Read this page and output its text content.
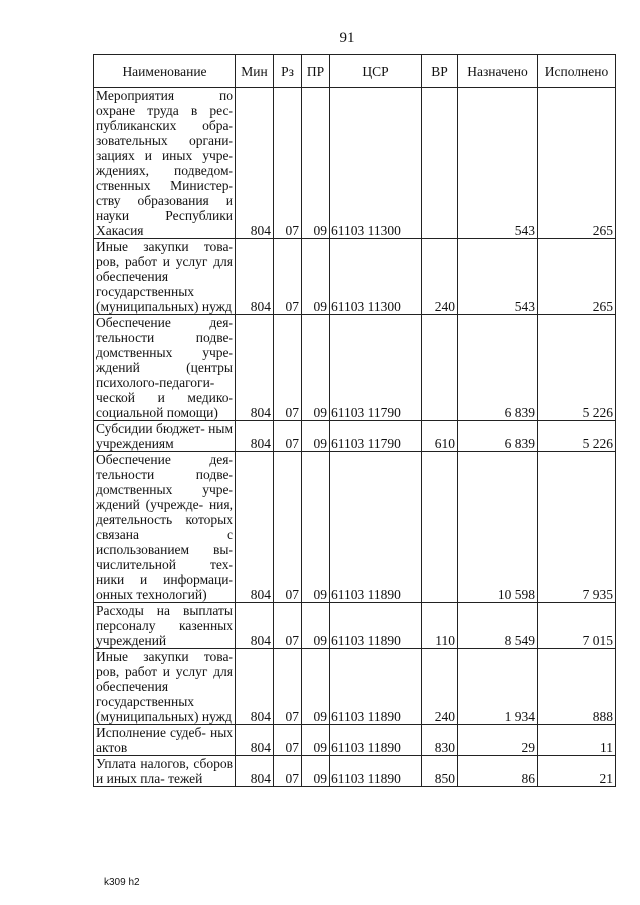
91
Наименование	Мин	Рз	ПР	ЦСР	ВР	Назначено	Исполнено
Мероприятия по охране труда в рес- публиканских обра- зовательных органи- зациях и иных учре- ждениях, подведом- ственных Министер- ству образования и науки Республики Хакасия	804	07	09	61103 11300		543	265
Иные закупки това- ров, работ и услуг для обеспечения государственных (муниципальных) нужд	804	07	09	61103 11300	240	543	265
Обеспечение дея- тельности подве- домственных учре- ждений (центры психолого-педагоги- ческой и медико- социальной помощи)	804	07	09	61103 11790		6 839	5 226
Субсидии бюджет- ным учреждениям	804	07	09	61103 11790	610	6 839	5 226
Обеспечение дея- тельности подве- домственных учре- ждений (учрежде- ния, деятельность которых связана с использованием вы- числительной тех- ники и информаци- онных технологий)	804	07	09	61103 11890		10 598	7 935
Расходы на выплаты персоналу казенных учреждений	804	07	09	61103 11890	110	8 549	7 015
Иные закупки това- ров, работ и услуг для обеспечения государственных (муниципальных) нужд	804	07	09	61103 11890	240	1 934	888
Исполнение судеб- ных актов	804	07	09	61103 11890	830	29	11
Уплата налогов, сборов и иных пла- тежей	804	07	09	61103 11890	850	86	21
k309 h2
